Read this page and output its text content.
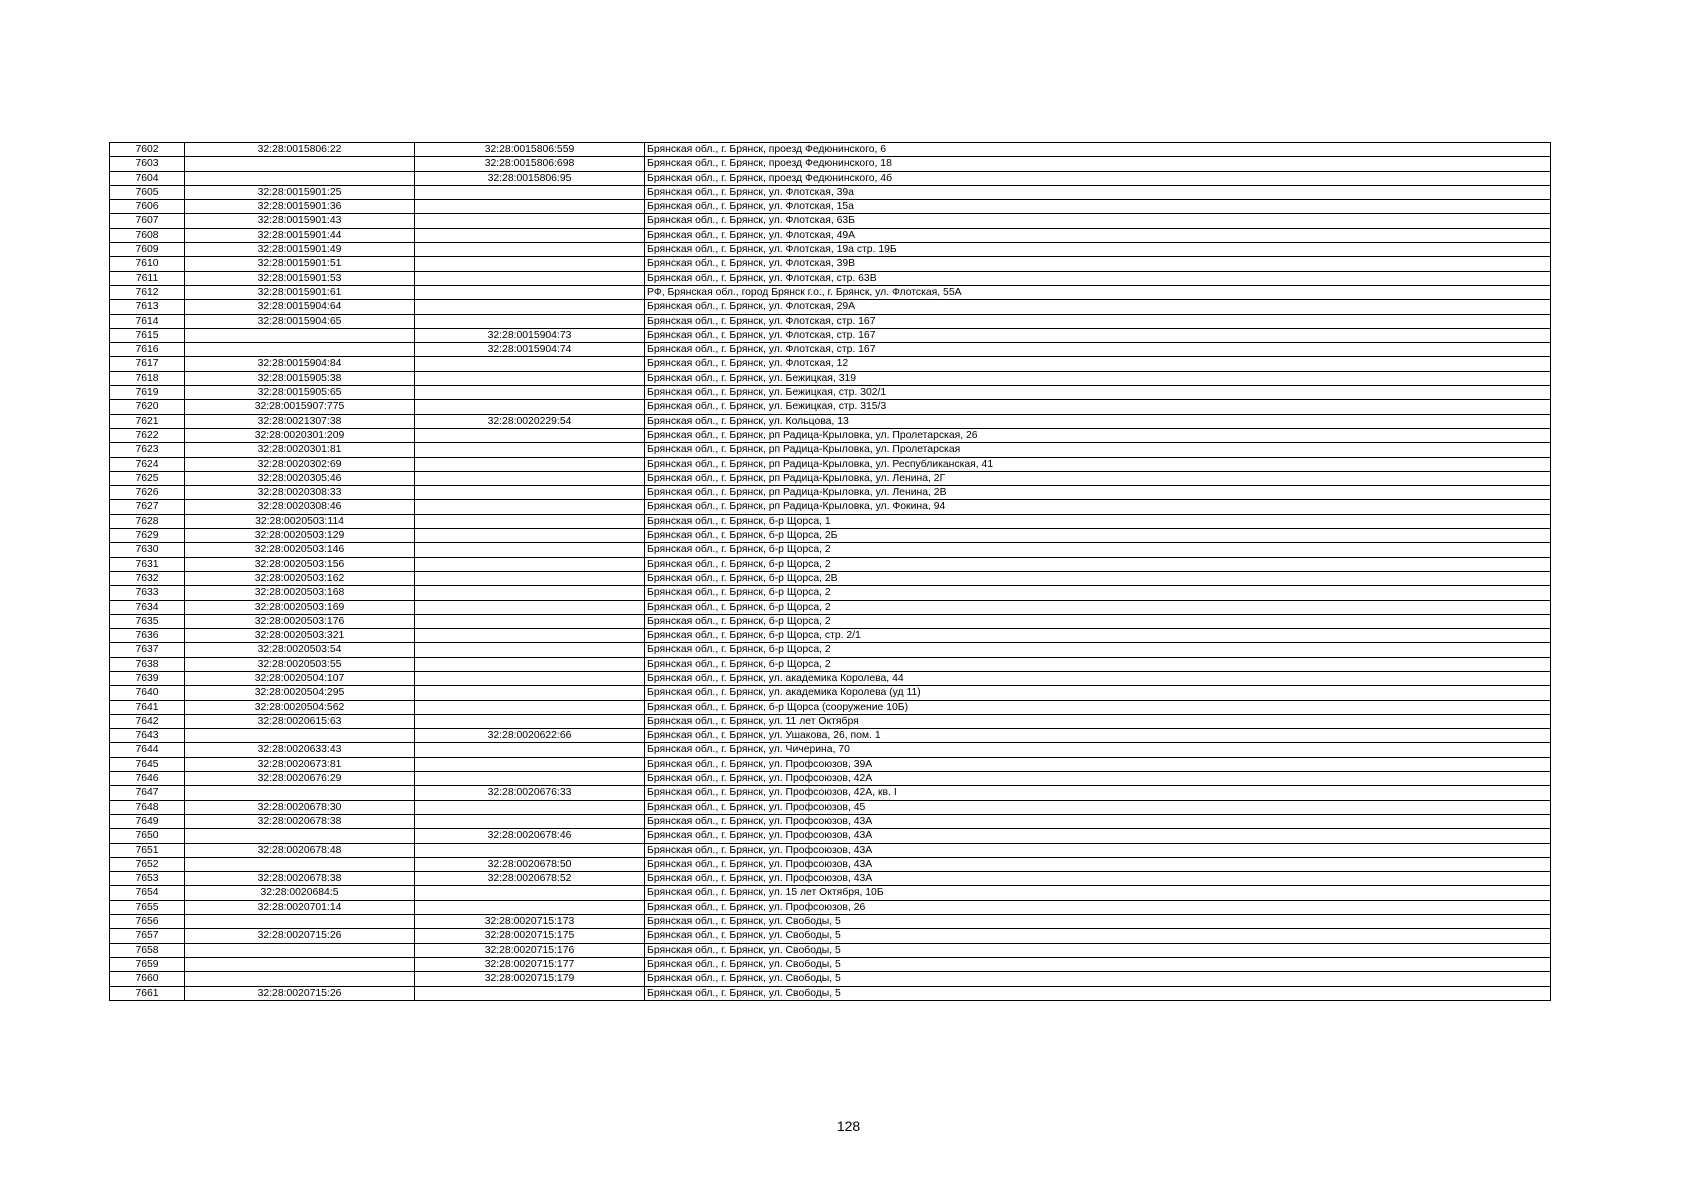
7602	32:28:0015806:22	32:28:0015806:559	Брянская обл., г. Брянск, проезд Федюнинского, 6
7603		32:28:0015806:698	Брянская обл., г. Брянск, проезд Федюнинского, 18
7604		32:28:0015806:95	Брянская обл., г. Брянск, проезд Федюнинского, 4б
7605	32:28:0015901:25		Брянская обл., г. Брянск, ул. Флотская, 39а
7606	32:28:0015901:36		Брянская обл., г. Брянск, ул. Флотская, 15а
7607	32:28:0015901:43		Брянская обл., г. Брянск, ул. Флотская, 63Б
7608	32:28:0015901:44		Брянская обл., г. Брянск, ул. Флотская, 49А
7609	32:28:0015901:49		Брянская обл., г. Брянск, ул. Флотская, 19а стр. 19Б
7610	32:28:0015901:51		Брянская обл., г. Брянск, ул. Флотская, 39В
7611	32:28:0015901:53		Брянская обл., г. Брянск, ул. Флотская, стр. 63В
7612	32:28:0015901:61		РФ, Брянская обл., город Брянск г.о., г. Брянск, ул. Флотская, 55А
7613	32:28:0015904:64		Брянская обл., г. Брянск, ул. Флотская, 29А
7614	32:28:0015904:65		Брянская обл., г. Брянск, ул. Флотская, стр. 167
7615		32:28:0015904:73	Брянская обл., г. Брянск, ул. Флотская, стр. 167
7616		32:28:0015904:74	Брянская обл., г. Брянск, ул. Флотская, стр. 167
7617	32:28:0015904:84		Брянская обл., г. Брянск, ул. Флотская, 12
7618	32:28:0015905:38		Брянская обл., г. Брянск, ул. Бежицкая, 319
7619	32:28:0015905:65		Брянская обл., г. Брянск, ул. Бежицкая, стр. 302/1
7620	32:28:0015907:775		Брянская обл., г. Брянск, ул. Бежицкая, стр. 315/3
7621	32:28:0021307:38	32:28:0020229:54	Брянская обл., г. Брянск, ул. Кольцова, 13
7622	32:28:0020301:209		Брянская обл., г. Брянск, рп Радица-Крыловка, ул. Пролетарская, 26
7623	32:28:0020301:81		Брянская обл., г. Брянск, рп Радица-Крыловка, ул. Пролетарская
7624	32:28:0020302:69		Брянская обл., г. Брянск, рп Радица-Крыловка, ул. Республиканская, 41
7625	32:28:0020305:46		Брянская обл., г. Брянск, рп Радица-Крыловка, ул. Ленина, 2Г
7626	32:28:0020308:33		Брянская обл., г. Брянск, рп Радица-Крыловка, ул. Ленина, 2В
7627	32:28:0020308:46		Брянская обл., г. Брянск, рп Радица-Крыловка, ул. Фокина, 94
7628	32:28:0020503:114		Брянская обл., г. Брянск, б-р Щорса, 1
7629	32:28:0020503:129		Брянская обл., г. Брянск, б-р Щорса, 2Б
7630	32:28:0020503:146		Брянская обл., г. Брянск, б-р Щорса, 2
7631	32:28:0020503:156		Брянская обл., г. Брянск, б-р Щорса, 2
7632	32:28:0020503:162		Брянская обл., г. Брянск, б-р Щорса, 2В
7633	32:28:0020503:168		Брянская обл., г. Брянск, б-р Щорса, 2
7634	32:28:0020503:169		Брянская обл., г. Брянск, б-р Щорса, 2
7635	32:28:0020503:176		Брянская обл., г. Брянск, б-р Щорса, 2
7636	32:28:0020503:321		Брянская обл., г. Брянск, б-р Щорса, стр. 2/1
7637	32:28:0020503:54		Брянская обл., г. Брянск, б-р Щорса, 2
7638	32:28:0020503:55		Брянская обл., г. Брянск, б-р Щорса, 2
7639	32:28:0020504:107		Брянская обл., г. Брянск, ул. академика Королева, 44
7640	32:28:0020504:295		Брянская обл., г. Брянск, ул. академика Королева (уд 11)
7641	32:28:0020504:562		Брянская обл., г. Брянск, б-р Щорса (сооружение 10Б)
7642	32:28:0020615:63		Брянская обл., г. Брянск, ул. 11 лет Октября
7643		32:28:0020622:66	Брянская обл., г. Брянск, ул. Ушакова, 26, пом. 1
7644	32:28:0020633:43		Брянская обл., г. Брянск, ул. Чичерина, 70
7645	32:28:0020673:81		Брянская обл., г. Брянск, ул. Профсоюзов, 39А
7646	32:28:0020676:29		Брянская обл., г. Брянск, ул. Профсоюзов, 42А
7647		32:28:0020676:33	Брянская обл., г. Брянск, ул. Профсоюзов, 42А, кв. I
7648	32:28:0020678:30		Брянская обл., г. Брянск, ул. Профсоюзов, 45
7649	32:28:0020678:38		Брянская обл., г. Брянск, ул. Профсоюзов, 43А
7650		32:28:0020678:46	Брянская обл., г. Брянск, ул. Профсоюзов, 43А
7651	32:28:0020678:48		Брянская обл., г. Брянск, ул. Профсоюзов, 43А
7652		32:28:0020678:50	Брянская обл., г. Брянск, ул. Профсоюзов, 43А
7653	32:28:0020678:38	32:28:0020678:52	Брянская обл., г. Брянск, ул. Профсоюзов, 43А
7654	32:28:0020684:5		Брянская обл., г. Брянск, ул. 15 лет Октября, 10Б
7655	32:28:0020701:14		Брянская обл., г. Брянск, ул. Профсоюзов, 26
7656		32:28:0020715:173	Брянская обл., г. Брянск, ул. Свободы, 5
7657	32:28:0020715:26	32:28:0020715:175	Брянская обл., г. Брянск, ул. Свободы, 5
7658		32:28:0020715:176	Брянская обл., г. Брянск, ул. Свободы, 5
7659		32:28:0020715:177	Брянская обл., г. Брянск, ул. Свободы, 5
7660		32:28:0020715:179	Брянская обл., г. Брянск, ул. Свободы, 5
7661	32:28:0020715:26		Брянская обл., г. Брянск, ул. Свободы, 5
128
